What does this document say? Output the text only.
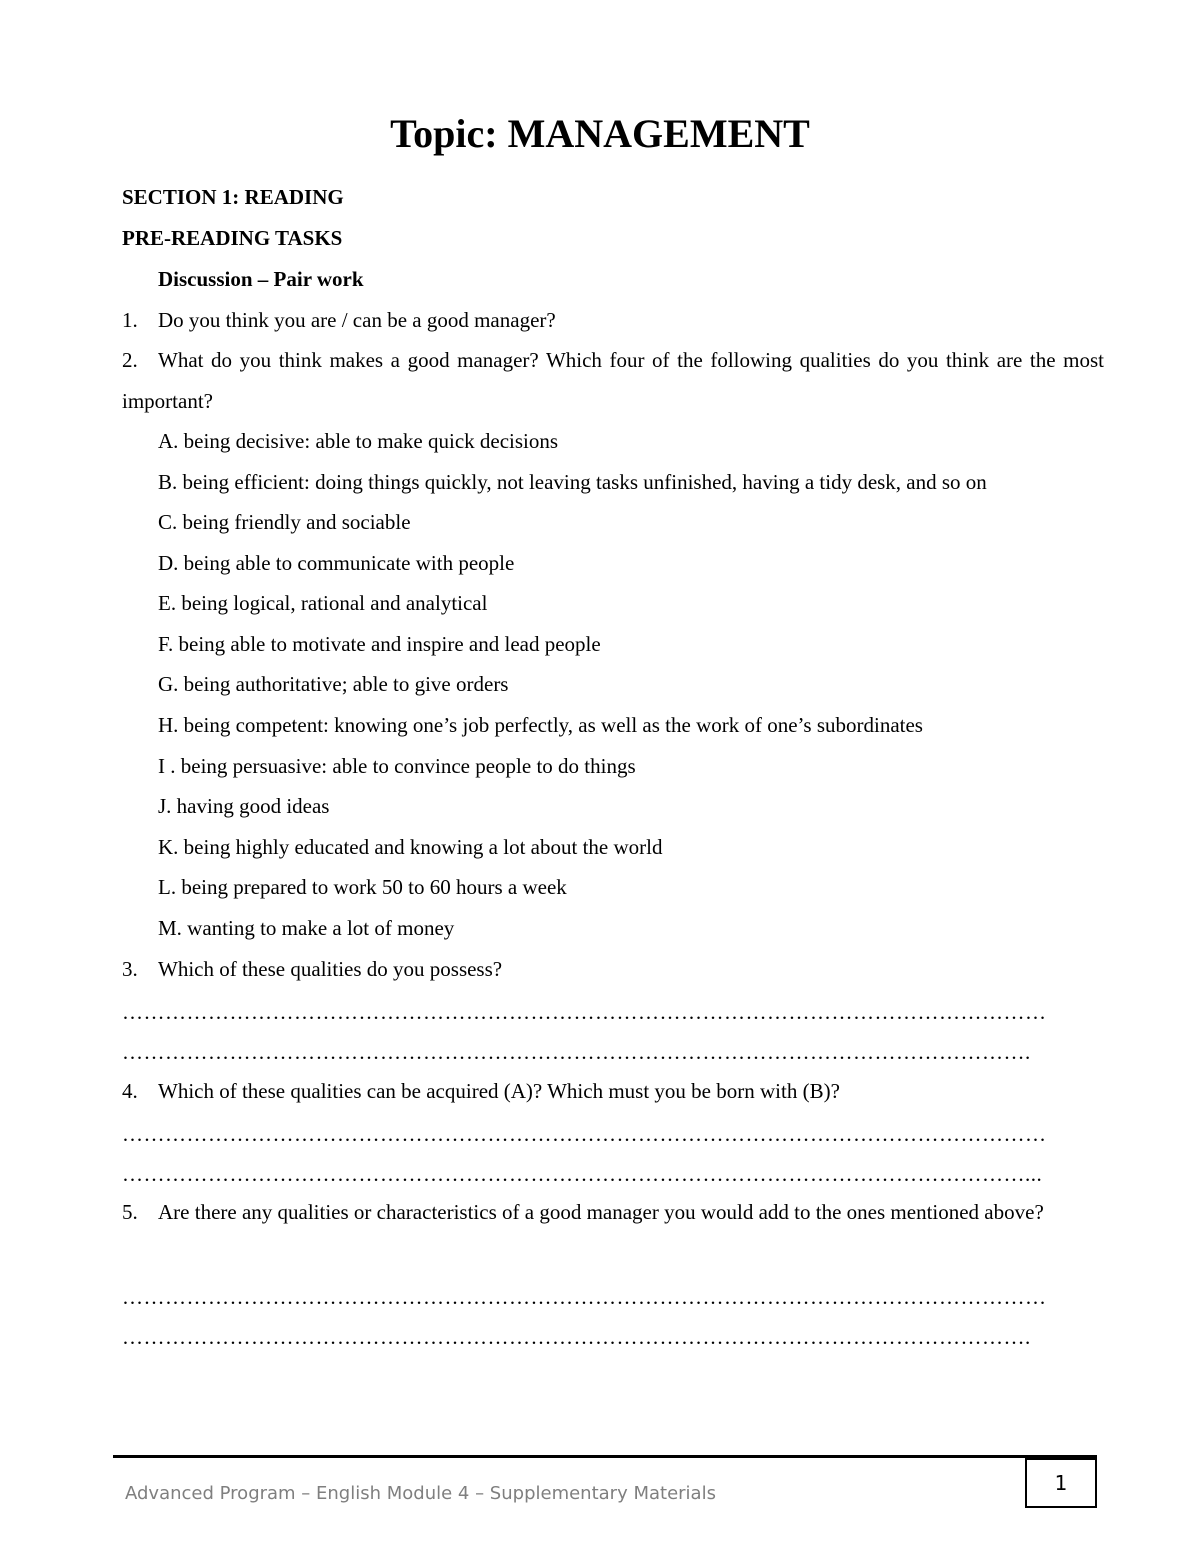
Topic: MANAGEMENT
SECTION 1: READING
PRE-READING TASKS
Discussion – Pair work
1. Do you think you are / can be a good manager?
2. What do you think makes a good manager? Which four of the following qualities do you think are the most important?
A. being decisive: able to make quick decisions
B. being efficient: doing things quickly, not leaving tasks unfinished, having a tidy desk, and so on
C. being friendly and sociable
D. being able to communicate with people
E. being logical, rational and analytical
F. being able to motivate and inspire and lead people
G. being authoritative; able to give orders
H. being competent: knowing one’s job perfectly, as well as the work of one’s subordinates
I . being persuasive: able to convince people to do things
J. having good ideas
K. being highly educated and knowing a lot about the world
L. being prepared to work 50 to 60 hours a week
M. wanting to make a lot of money
3. Which of these qualities do you possess?
…………………………………………………………………………………………………………………
……………………………………………………………………………………………………………….
4. Which of these qualities can be acquired (A)? Which must you be born with (B)?
…………………………………………………………………………………………………………………
………………………………………………………………………………………………………………...
5. Are there any qualities or characteristics of a good manager you would add to the ones mentioned above?
…………………………………………………………………………………………………………………
……………………………………………………………………………………………………………….
Advanced Program – English Module 4 – Supplementary Materials	1
